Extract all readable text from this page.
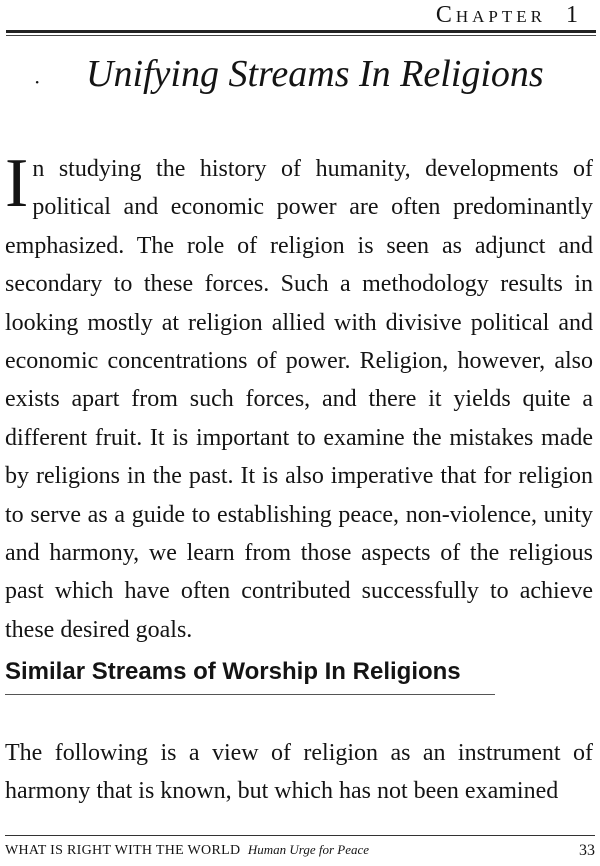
Chapter 1
· Unifying Streams In Religions

In studying the history of humanity, developments of political and economic power are often predominantly emphasized. The role of religion is seen as adjunct and secondary to these forces. Such a methodology results in looking mostly at religion allied with divisive political and economic concentrations of power. Religion, however, also exists apart from such forces, and there it yields quite a different fruit. It is important to examine the mistakes made by religions in the past. It is also imperative that for religion to serve as a guide to establishing peace, non-violence, unity and harmony, we learn from those aspects of the religious past which have often contributed successfully to achieve these desired goals.

Similar Streams of Worship In Religions

The following is a view of religion as an instrument of harmony that is known, but which has not been examined

WHAT IS RIGHT WITH THE WORLD Human Urge for Peace	33
